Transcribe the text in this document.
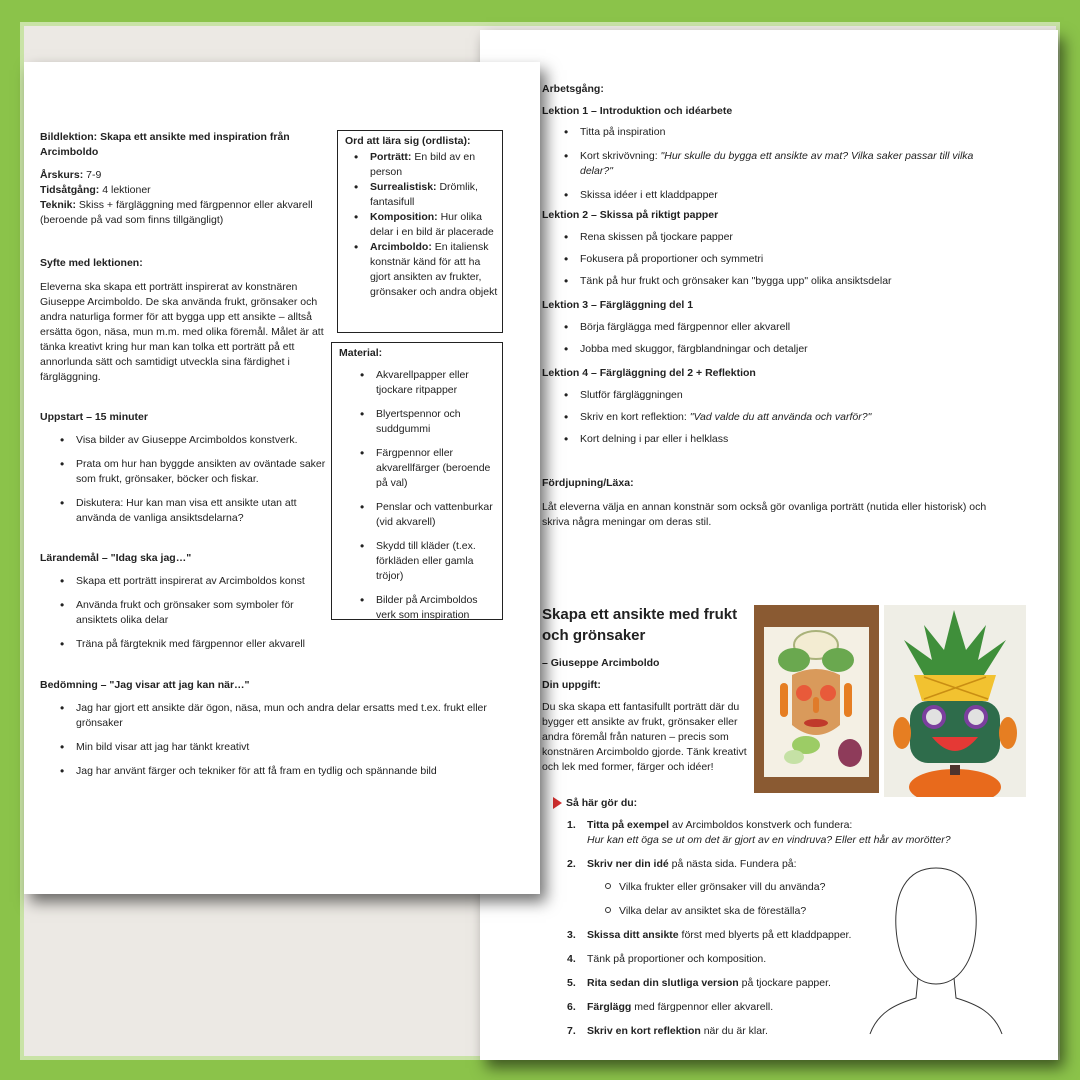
Arbetsgång:
Lektion 1 – Introduktion och idéarbete
• Titta på inspiration
• Kort skrivövning: "Hur skulle du bygga ett ansikte av mat? Vilka saker passar till vilka delar?"
• Skissa idéer i ett kladdpapper
Lektion 2 – Skissa på riktigt papper
• Rena skissen på tjockare papper
• Fokusera på proportioner och symmetri
• Tänk på hur frukt och grönsaker kan "bygga upp" olika ansiktsdelar
Lektion 3 – Färgläggning del 1
• Börja färglägga med färgpennor eller akvarell
• Jobba med skuggor, färgblandningar och detaljer
Lektion 4 – Färgläggning del 2 + Reflektion
• Slutför färgläggningen
• Skriv en kort reflektion: "Vad valde du att använda och varför?"
• Kort delning i par eller i helklass
Fördjupning/Läxa:
Låt eleverna välja en annan konstnär som också gör ovanliga porträtt (nutida eller historisk) och skriva några meningar om deras stil.
Skapa ett ansikte med frukt och grönsaker
– Giuseppe Arcimboldo
Din uppgift:
Du ska skapa ett fantasifullt porträtt där du bygger ett ansikte av frukt, grönsaker eller andra föremål från naturen – precis som konstnären Arcimboldo gjorde. Tänk kreativt och lek med former, färger och idéer!
Så här gör du:
1. Titta på exempel av Arcimboldos konstverk och fundera:
Hur kan ett öga se ut om det är gjort av en vindruva? Eller ett hår av morötter?
2. Skriv ner din idé på nästa sida. Fundera på:
Vilka frukter eller grönsaker vill du använda?
Vilka delar av ansiktet ska de föreställa?
3. Skissa ditt ansikte först med blyerts på ett kladdpapper.
4. Tänk på proportioner och komposition.
5. Rita sedan din slutliga version på tjockare papper.
6. Färglägg med färgpennor eller akvarell.
7. Skriv en kort reflektion när du är klar.
Bildlektion: Skapa ett ansikte med inspiration från Arcimboldo
Årskurs: 7-9
Tidsåtgång: 4 lektioner
Teknik: Skiss + färgläggning med färgpennor eller akvarell (beroende på vad som finns tillgängligt)
Syfte med lektionen:
Eleverna ska skapa ett porträtt inspirerat av konstnären Giuseppe Arcimboldo. De ska använda frukt, grönsaker och andra naturliga former för att bygga upp ett ansikte – alltså ersätta ögon, näsa, mun m.m. med olika föremål. Målet är att tänka kreativt kring hur man kan tolka ett porträtt på ett annorlunda sätt och samtidigt utveckla sina färdighet i färgläggning.
Uppstart – 15 minuter
• Visa bilder av Giuseppe Arcimboldos konstverk.
• Prata om hur han byggde ansikten av oväntade saker som frukt, grönsaker, böcker och fiskar.
• Diskutera: Hur kan man visa ett ansikte utan att använda de vanliga ansiktsdelarna?
Lärandemål – "Idag ska jag…"
• Skapa ett porträtt inspirerat av Arcimboldos konst
• Använda frukt och grönsaker som symboler för ansiktets olika delar
• Träna på färgteknik med färgpennor eller akvarell
Bedömning – "Jag visar att jag kan när…"
• Jag har gjort ett ansikte där ögon, näsa, mun och andra delar ersatts med t.ex. frukt eller grönsaker
• Min bild visar att jag har tänkt kreativt
• Jag har använt färger och tekniker för att få fram en tydlig och spännande bild
Ord att lära sig (ordlista):
• Porträtt: En bild av en person
• Surrealistisk: Drömlik, fantasifull
• Komposition: Hur olika delar i en bild är placerade
• Arcimboldo: En italiensk konstnär känd för att ha gjort ansikten av frukter, grönsaker och andra objekt
Material:
• Akvarellpapper eller tjockare ritpapper
• Blyertspennor och suddgummi
• Färgpennor eller akvarellfärger (beroende på val)
• Penslar och vattenburkar (vid akvarell)
• Skydd till kläder (t.ex. förkläden eller gamla tröjor)
• Bilder på Arcimboldos verk som inspiration
